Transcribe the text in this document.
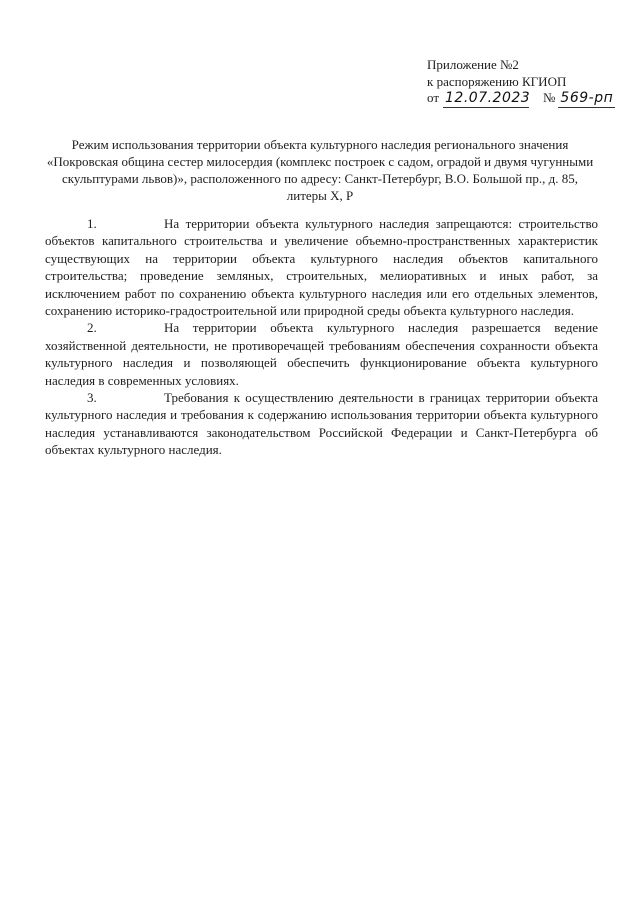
Приложение №2
к распоряжению КГИОП
от 12.07.2023 № 569-рп
Режим использования территории объекта культурного наследия регионального значения
«Покровская община сестер милосердия (комплекс построек с садом, оградой и двумя чугунными
скульптурами львов)», расположенного по адресу: Санкт-Петербург, В.О. Большой пр., д. 85,
литеры Х, Р

1.	На территории объекта культурного наследия запрещаются: строительство объектов капитального строительства и увеличение объемно-пространственных характеристик существующих на территории объекта культурного наследия объектов капитального строительства; проведение земляных, строительных, мелиоративных и иных работ, за исключением работ по сохранению объекта культурного наследия или его отдельных элементов, сохранению историко-градостроительной или природной среды объекта культурного наследия.

2.	На территории объекта культурного наследия разрешается ведение хозяйственной деятельности, не противоречащей требованиям обеспечения сохранности объекта культурного наследия и позволяющей обеспечить функционирование объекта культурного наследия в современных условиях.

3.	Требования к осуществлению деятельности в границах территории объекта культурного наследия и требования к содержанию использования территории объекта культурного наследия устанавливаются законодательством Российской Федерации и Санкт-Петербурга об объектах культурного наследия.
